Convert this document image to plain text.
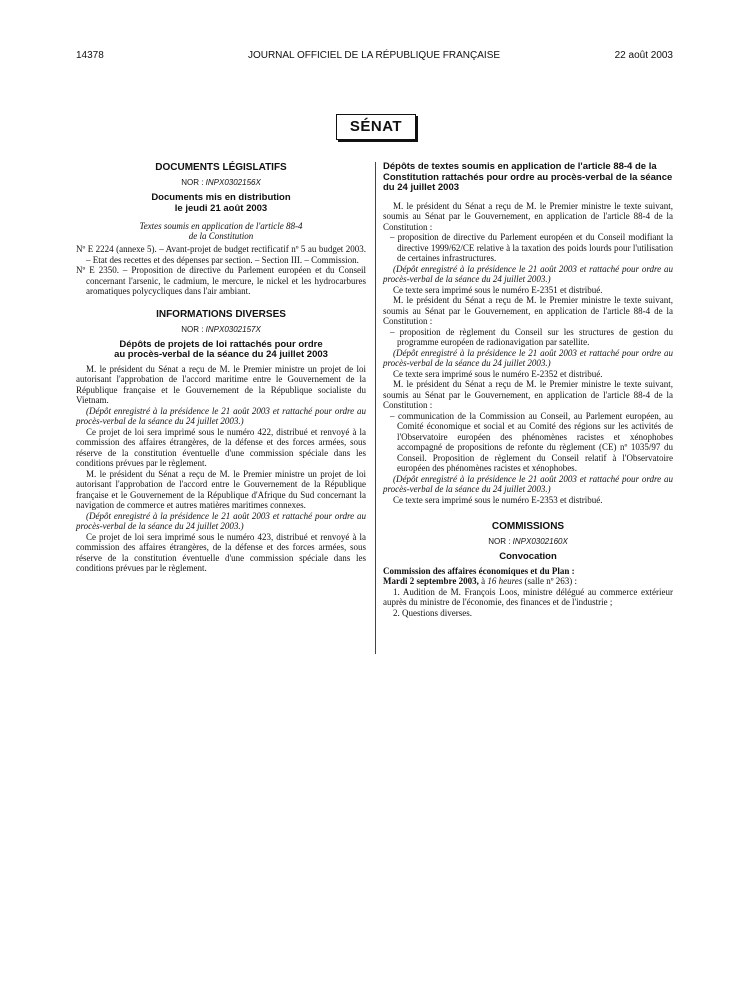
14378	JOURNAL OFFICIEL DE LA RÉPUBLIQUE FRANÇAISE	22 août 2003
SÉNAT
DOCUMENTS LÉGISLATIFS
NOR : INPX0302156X
Documents mis en distribution
le jeudi 21 août 2003
Textes soumis en application de l'article 88-4
de la Constitution

Nº E 2224 (annexe 5). – Avant-projet de budget rectificatif nº 5 au budget 2003. – Etat des recettes et des dépenses par section. – Section III. – Commission.

Nº E 2350. – Proposition de directive du Parlement européen et du Conseil concernant l'arsenic, le cadmium, le mercure, le nickel et les hydrocarbures aromatiques polycycliques dans l'air ambiant.

INFORMATIONS DIVERSES
NOR : INPX0302157X
Dépôts de projets de loi rattachés pour ordre
au procès-verbal de la séance du 24 juillet 2003

M. le président du Sénat a reçu de M. le Premier ministre un projet de loi autorisant l'approbation de l'accord maritime entre le Gouvernement de la République française et le Gouvernement de la République socialiste du Vietnam.

(Dépôt enregistré à la présidence le 21 août 2003 et rattaché pour ordre au procès-verbal de la séance du 24 juillet 2003.)

Ce projet de loi sera imprimé sous le numéro 422, distribué et renvoyé à la commission des affaires étrangères, de la défense et des forces armées, sous réserve de la constitution éventuelle d'une commission spéciale dans les conditions prévues par le règlement.

M. le président du Sénat a reçu de M. le Premier ministre un projet de loi autorisant l'approbation de l'accord entre le Gouvernement de la République française et le Gouvernement de la République d'Afrique du Sud concernant la navigation de commerce et autres matières maritimes connexes.

(Dépôt enregistré à la présidence le 21 août 2003 et rattaché pour ordre au procès-verbal de la séance du 24 juillet 2003.)

Ce projet de loi sera imprimé sous le numéro 423, distribué et renvoyé à la commission des affaires étrangères, de la défense et des forces armées, sous réserve de la constitution éventuelle d'une commission spéciale dans les conditions prévues par le règlement.

Dépôts de textes soumis en application de l'article 88-4 de la Constitution rattachés pour ordre au procès-verbal de la séance du 24 juillet 2003

M. le président du Sénat a reçu de M. le Premier ministre le texte suivant, soumis au Sénat par le Gouvernement, en application de l'article 88-4 de la Constitution :

– proposition de directive du Parlement européen et du Conseil modifiant la directive 1999/62/CE relative à la taxation des poids lourds pour l'utilisation de certaines infrastructures.

(Dépôt enregistré à la présidence le 21 août 2003 et rattaché pour ordre au procès-verbal de la séance du 24 juillet 2003.)

Ce texte sera imprimé sous le numéro E-2351 et distribué.

M. le président du Sénat a reçu de M. le Premier ministre le texte suivant, soumis au Sénat par le Gouvernement, en application de l'article 88-4 de la Constitution :

– proposition de règlement du Conseil sur les structures de gestion du programme européen de radionavigation par satellite.

(Dépôt enregistré à la présidence le 21 août 2003 et rattaché pour ordre au procès-verbal de la séance du 24 juillet 2003.)

Ce texte sera imprimé sous le numéro E-2352 et distribué.

M. le président du Sénat a reçu de M. le Premier ministre le texte suivant, soumis au Sénat par le Gouvernement, en application de l'article 88-4 de la Constitution :

– communication de la Commission au Conseil, au Parlement européen, au Comité économique et social et au Comité des régions sur les activités de l'Observatoire européen des phénomènes racistes et xénophobes accompagné de propositions de refonte du règlement (CE) nº 1035/97 du Conseil. Proposition de règlement du Conseil relatif à l'Observatoire européen des phénomènes racistes et xénophobes.

(Dépôt enregistré à la présidence le 21 août 2003 et rattaché pour ordre au procès-verbal de la séance du 24 juillet 2003.)

Ce texte sera imprimé sous le numéro E-2353 et distribué.

COMMISSIONS
NOR : INPX0302160X
Convocation

Commission des affaires économiques et du Plan :

Mardi 2 septembre 2003, à 16 heures (salle nº 263) :

1. Audition de M. François Loos, ministre délégué au commerce extérieur auprès du ministre de l'économie, des finances et de l'industrie ;

2. Questions diverses.
